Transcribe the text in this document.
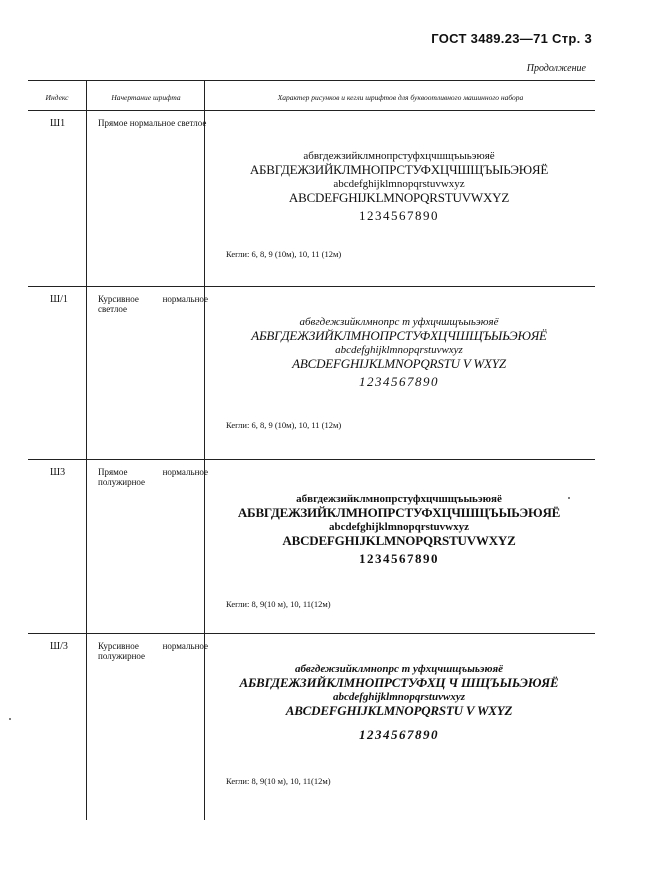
ГОСТ 3489.23—71 Стр. 3
Продолжение
Индекс	Начертание шрифта	Характер рисунков и кегли шрифтов для буквоотливного машинного набора
Ш1	Прямое нормальное светлое
абвгдежзийклмнопрстуфхцчшщъыьэюяё
АБВГДЕЖЗИЙКЛМНОПРСТУФХЦЧШЩЪЫЬЭЮЯЁ
abcdefghijklmnopqrstuvwxyz
ABCDEFGHIJKLMNOPQRSTUVWXYZ
1234567890
Кегли: 6, 8, 9 (10м), 10, 11 (12м)
Ш/1	Курсивное нормальное светлое
абвгдежзийклмнопрс т уфхцчшщъыьэюяё
АБВГДЕЖЗИЙКЛМНОПРСТУФХЦЧШЩЪЫЬЭЮЯЁ
abcdefghijklmnopqrstuvwxyz
ABCDEFGHIJKLMNOPQRSTU V WXYZ
1234567890
Кегли: 6, 8, 9 (10м), 10, 11 (12м)
Ш3	Прямое нормальное полужирное
абвгдежзийклмнопрстуфхцчшщъыьэюяё
АБВГДЕЖЗИЙКЛМНОПРСТУФХЦЧШЩЪЫЬЭЮЯЁ
abcdefghijklmnopqrstuvwxyz
ABCDEFGHIJKLMNOPQRSTUVWXYZ
1234567890
Кегли: 8, 9(10 м), 10, 11(12м)
Ш/3	Курсивное нормальное полужирное
абвгдежзийклмнопрс т уфхцчшщъыьэюяё
АБВГДЕЖЗИЙКЛМНОПРСТУФХЦ Ч ШЩЪЫЬЭЮЯЁ
abcdefghijklmnopqrstuvwxyz
ABCDEFGHIJKLMNOPQRSTU V WXYZ
1234567890
Кегли: 8, 9(10 м), 10, 11(12м)
